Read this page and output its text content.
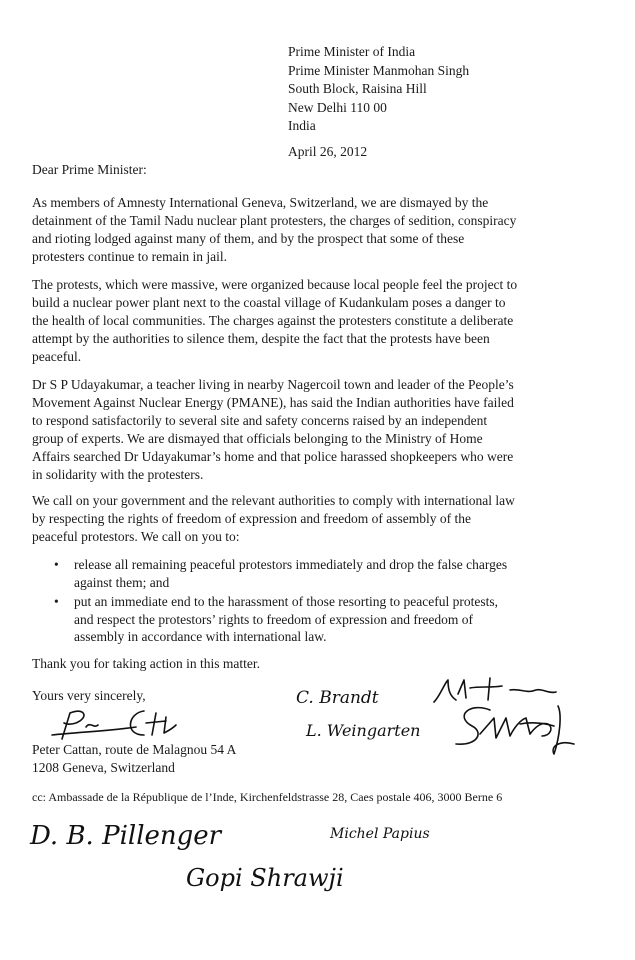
Prime Minister of India
Prime Minister Manmohan Singh
South Block, Raisina Hill
New Delhi 110 00
India
April 26, 2012
Dear Prime Minister:
As members of Amnesty International Geneva, Switzerland, we are dismayed by the
detainment of the Tamil Nadu nuclear plant protesters, the charges of sedition, conspiracy
and rioting lodged against many of them, and by the prospect that some of these
protesters continue to remain in jail.
The protests, which were massive, were organized because local people feel the project to
build a nuclear power plant next to the coastal village of Kudankulam poses a danger to
the health of local communities. The charges against the protesters constitute a deliberate
attempt by the authorities to silence them, despite the fact that the protests have been
peaceful.
Dr S P Udayakumar, a teacher living in nearby Nagercoil town and leader of the People’s
Movement Against Nuclear Energy (PMANE), has said the Indian authorities have failed
to respond satisfactorily to several site and safety concerns raised by an independent
group of experts. We are dismayed that officials belonging to the Ministry of Home
Affairs searched Dr Udayakumar’s home and that police harassed shopkeepers who were
in solidarity with the protesters.
We call on your government and the relevant authorities to comply with international law
by respecting the rights of freedom of expression and freedom of assembly of the
peaceful protestors. We call on you to:
• release all remaining peaceful protestors immediately and drop the false charges
against them; and
• put an immediate end to the harassment of those resorting to peaceful protests,
and respect the protestors’ rights to freedom of expression and freedom of
assembly in accordance with international law.
Thank you for taking action in this matter.
Yours very sincerely,
Peter Cattan, route de Malagnou 54 A
1208 Geneva, Switzerland
C. Brandt
L. Weingarten
cc: Ambassade de la République de l’Inde, Kirchenfeldstrasse 28, Caes postale 406, 3000 Berne 6
D. B. Pillenger	Michel Papius
Gopi Shrawji
